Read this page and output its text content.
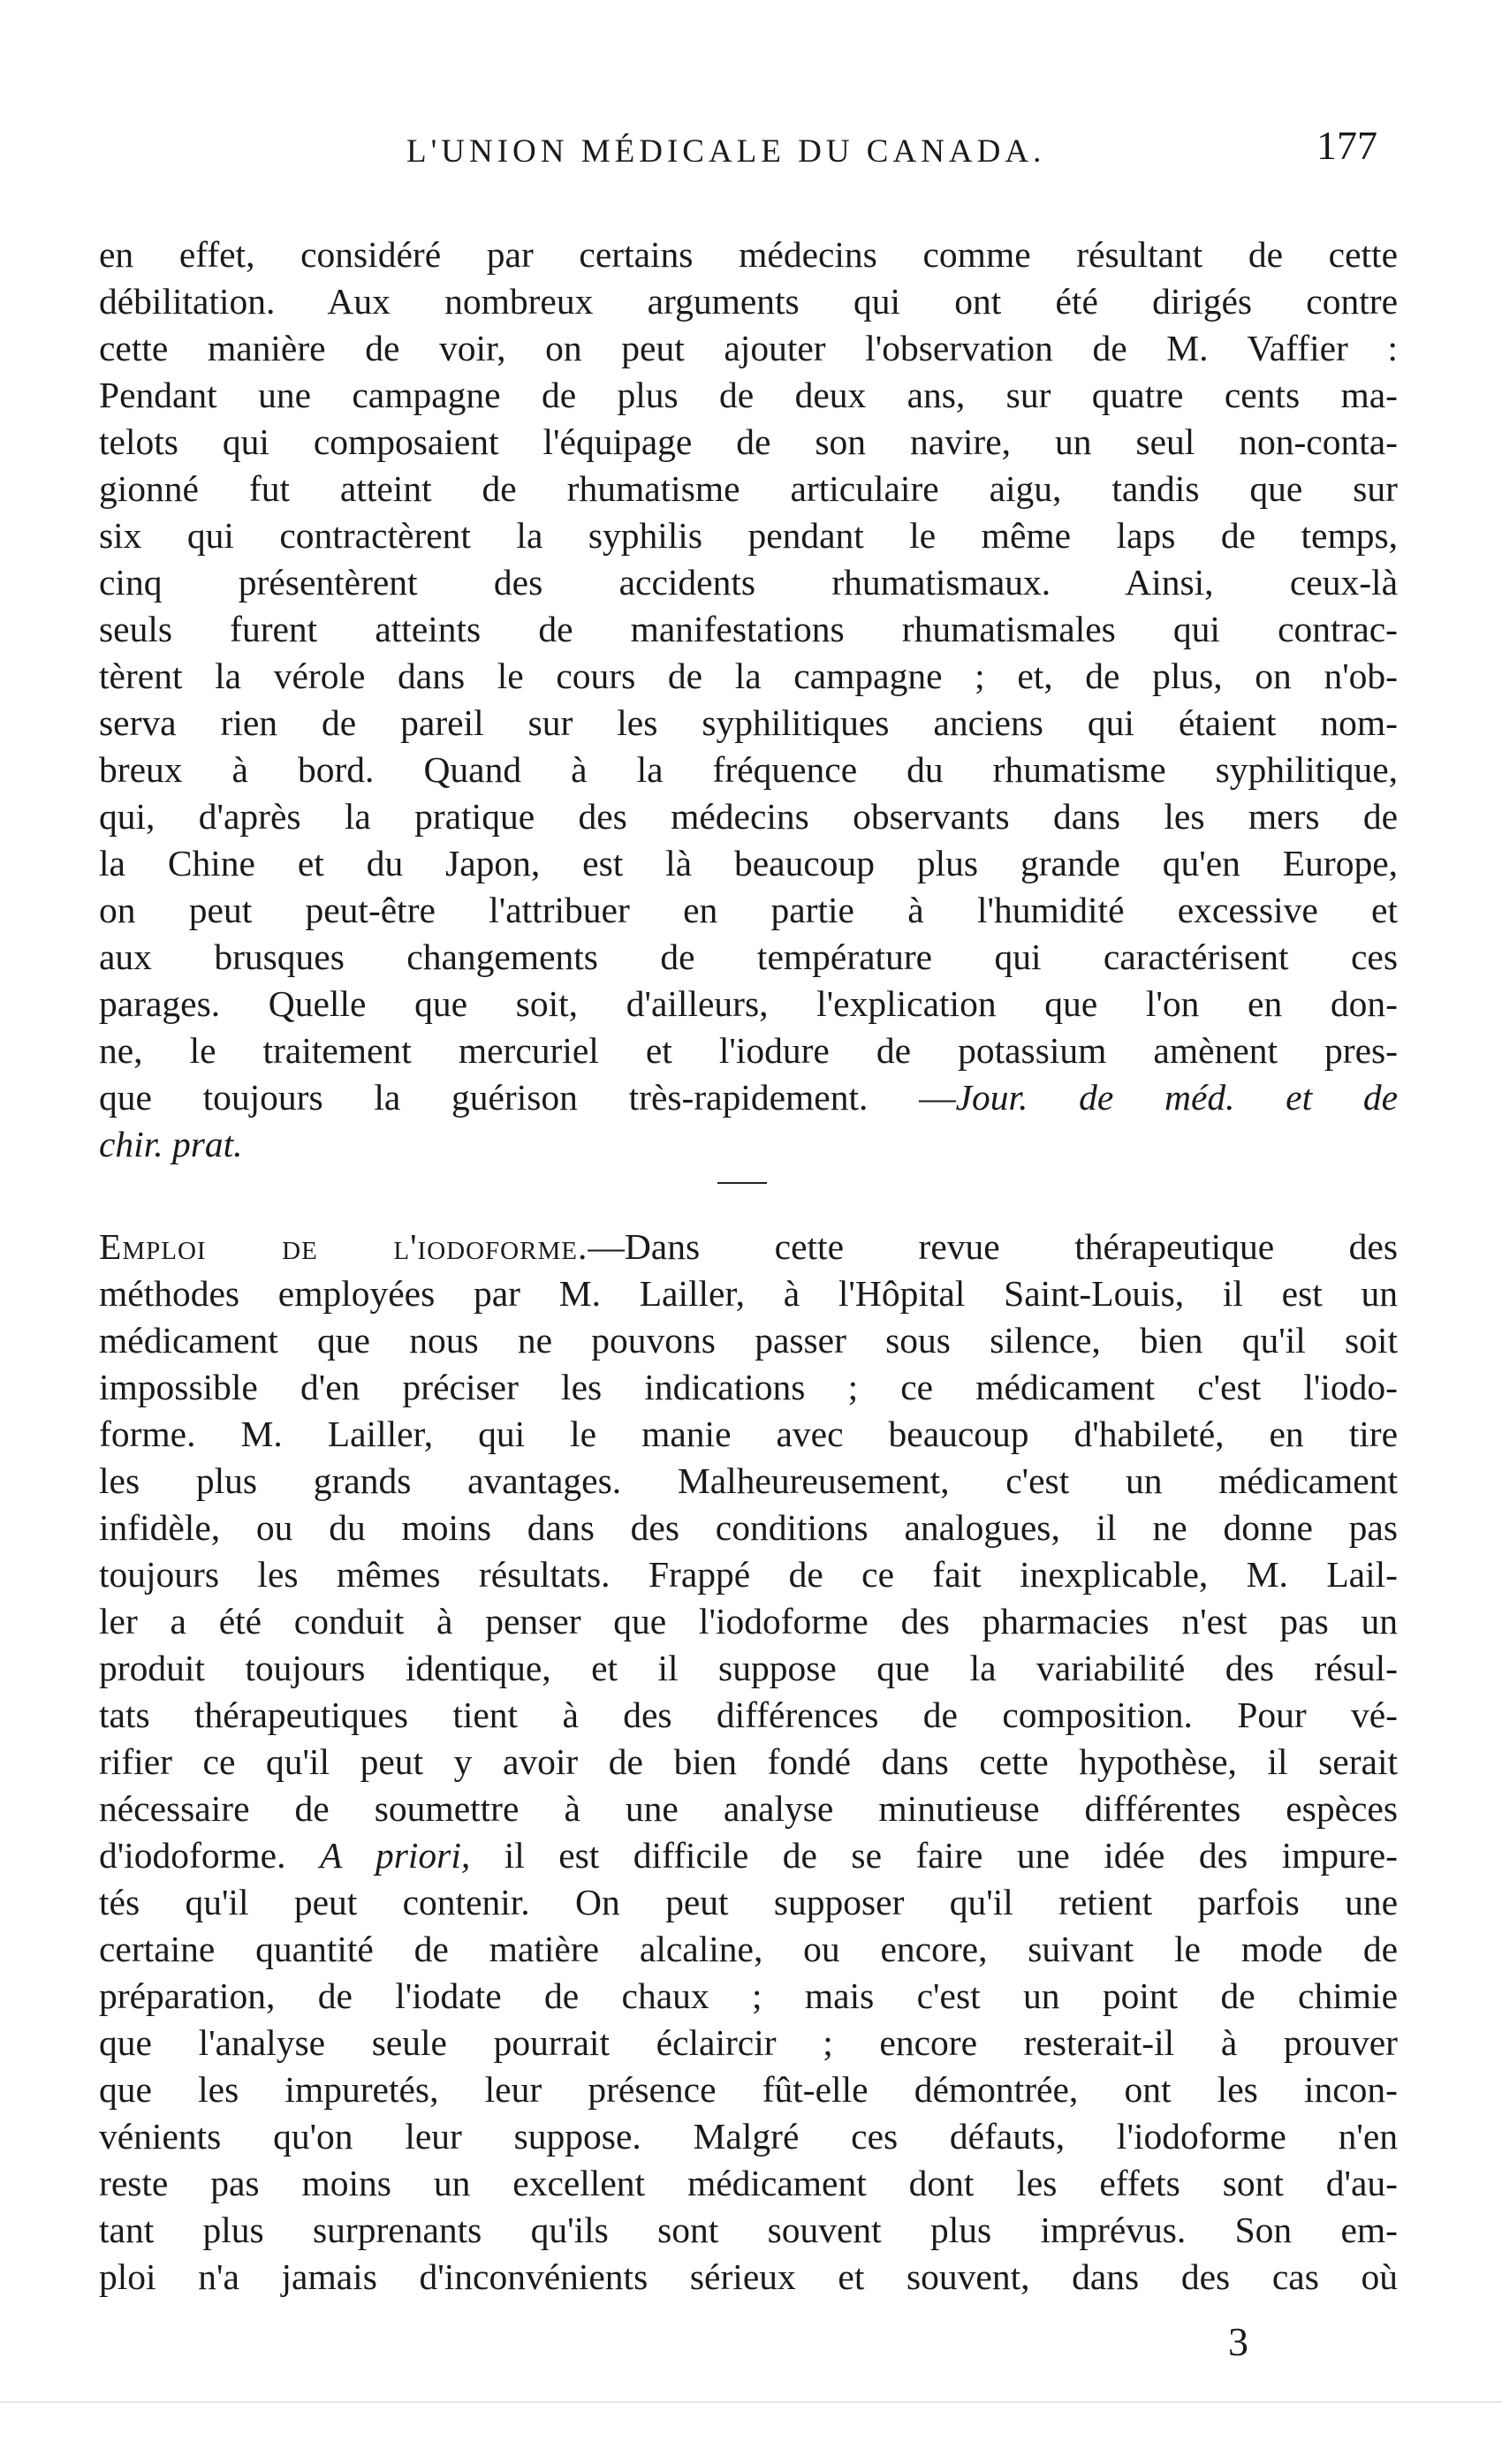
L'UNION MÉDICALE DU CANADA.	177
en effet, considéré par certains médecins comme résultant de cette
débilitation. Aux nombreux arguments qui ont été dirigés contre
cette manière de voir, on peut ajouter l'observation de M. Vaffier :
Pendant une campagne de plus de deux ans, sur quatre cents ma-
telots qui composaient l'équipage de son navire, un seul non-conta-
gionné fut atteint de rhumatisme articulaire aigu, tandis que sur
six qui contractèrent la syphilis pendant le même laps de temps,
cinq présentèrent des accidents rhumatismaux. Ainsi, ceux-là
seuls furent atteints de manifestations rhumatismales qui contrac-
tèrent la vérole dans le cours de la campagne ; et, de plus, on n'ob-
serva rien de pareil sur les syphilitiques anciens qui étaient nom-
breux à bord. Quand à la fréquence du rhumatisme syphilitique,
qui, d'après la pratique des médecins observants dans les mers de
la Chine et du Japon, est là beaucoup plus grande qu'en Europe,
on peut peut-être l'attribuer en partie à l'humidité excessive et
aux brusques changements de température qui caractérisent ces
parages. Quelle que soit, d'ailleurs, l'explication que l'on en don-
ne, le traitement mercuriel et l'iodure de potassium amènent pres-
que toujours la guérison très-rapidement. —Jour. de méd. et de
chir. prat.
Emploi de l'iodoforme.—Dans cette revue thérapeutique des
méthodes employées par M. Lailler, à l'Hôpital Saint-Louis, il est un
médicament que nous ne pouvons passer sous silence, bien qu'il soit
impossible d'en préciser les indications ; ce médicament c'est l'iodo-
forme. M. Lailler, qui le manie avec beaucoup d'habileté, en tire
les plus grands avantages. Malheureusement, c'est un médicament
infidèle, ou du moins dans des conditions analogues, il ne donne pas
toujours les mêmes résultats. Frappé de ce fait inexplicable, M. Lail-
ler a été conduit à penser que l'iodoforme des pharmacies n'est pas un
produit toujours identique, et il suppose que la variabilité des résul-
tats thérapeutiques tient à des différences de composition. Pour vé-
rifier ce qu'il peut y avoir de bien fondé dans cette hypothèse, il serait
nécessaire de soumettre à une analyse minutieuse différentes espèces
d'iodoforme. A priori, il est difficile de se faire une idée des impure-
tés qu'il peut contenir. On peut supposer qu'il retient parfois une
certaine quantité de matière alcaline, ou encore, suivant le mode de
préparation, de l'iodate de chaux ; mais c'est un point de chimie
que l'analyse seule pourrait éclaircir ; encore resterait-il à prouver
que les impuretés, leur présence fût-elle démontrée, ont les incon-
vénients qu'on leur suppose. Malgré ces défauts, l'iodoforme n'en
reste pas moins un excellent médicament dont les effets sont d'au-
tant plus surprenants qu'ils sont souvent plus imprévus. Son em-
ploi n'a jamais d'inconvénients sérieux et souvent, dans des cas où
3
